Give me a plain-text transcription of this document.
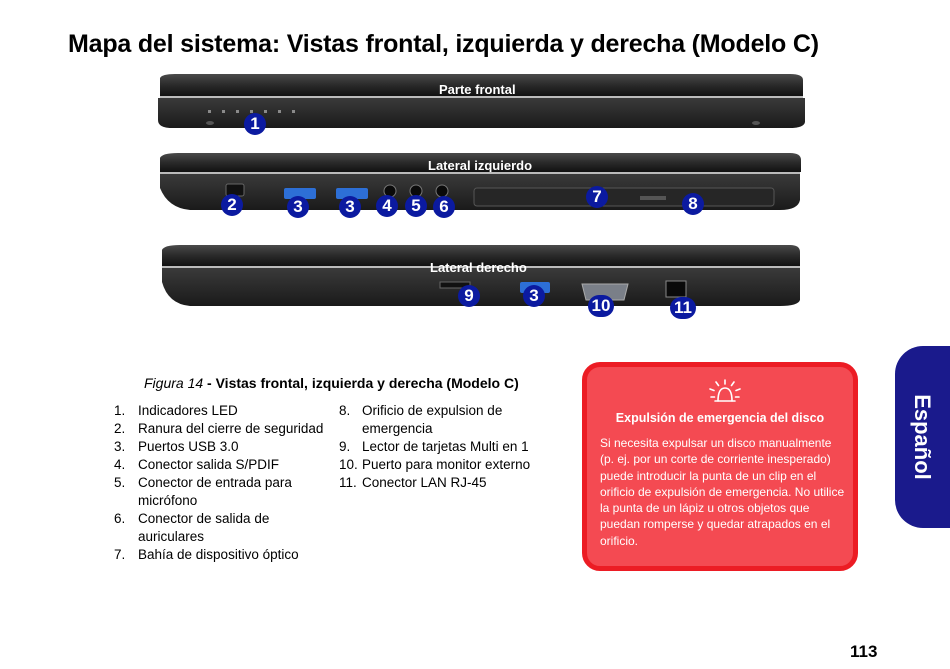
Mapa del sistema: Vistas frontal, izquierda y derecha (Modelo C)
Parte frontal
Lateral izquierdo
Lateral derecho
1
2	3	3	4	5	6
7	8
9	3
10	11
Figura 14 - Vistas frontal, izquierda y derecha (Modelo C)
1. Indicadores LED
2. Ranura del cierre de seguridad
3. Puertos USB 3.0
4. Conector salida S/PDIF
5. Conector de entrada para micrófono
6. Conector de salida de auriculares
7. Bahía de dispositivo óptico
8. Orificio de expulsion de emergencia
9. Lector de tarjetas Multi en 1
10. Puerto para monitor externo
11. Conector LAN RJ-45
Expulsión de emergencia del disco
Si necesita expulsar un disco manualmente (p. ej. por un corte de corriente inesperado) puede introducir la punta de un clip en el orificio de expulsión de emergencia. No utilice la punta de un lápiz u otros objetos que puedan romperse y quedar atrapados en el orificio.
Español
113
